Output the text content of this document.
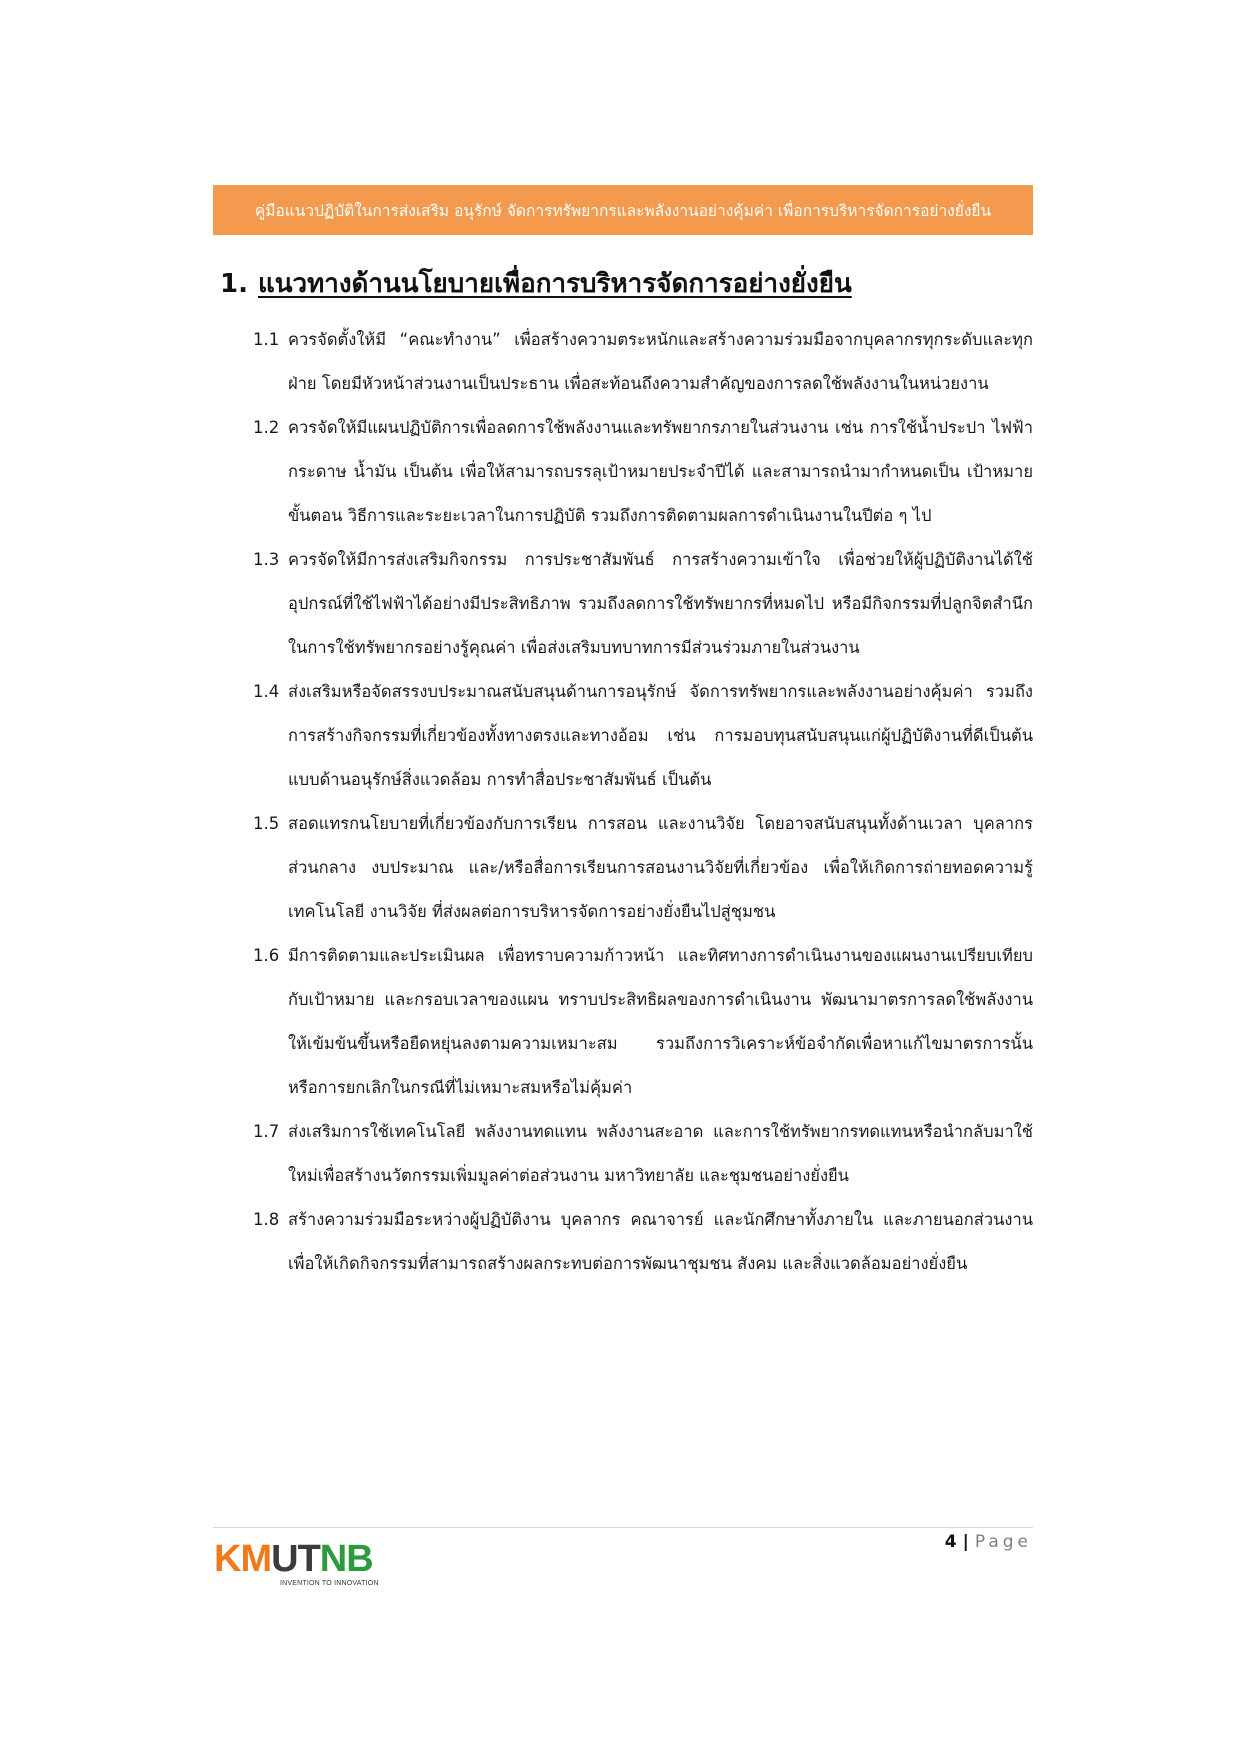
คู่มือแนวปฏิบัติในการส่งเสริม อนุรักษ์ จัดการทรัพยากรและพลังงานอย่างคุ้มค่า เพื่อการบริหารจัดการอย่างยั่งยืน
1. แนวทางด้านนโยบายเพื่อการบริหารจัดการอย่างยั่งยืน
1.1 ควรจัดตั้งให้มี “คณะทำงาน” เพื่อสร้างความตระหนักและสร้างความร่วมมือจากบุคลากรทุกระดับและทุกฝ่าย โดยมีหัวหน้าส่วนงานเป็นประธาน เพื่อสะท้อนถึงความสำคัญของการลดใช้พลังงานในหน่วยงาน
1.2 ควรจัดให้มีแผนปฏิบัติการเพื่อลดการใช้พลังงานและทรัพยากรภายในส่วนงาน เช่น การใช้น้ำประปา ไฟฟ้า กระดาษ น้ำมัน เป็นต้น เพื่อให้สามารถบรรลุเป้าหมายประจำปีได้ และสามารถนำมากำหนดเป็น เป้าหมาย ขั้นตอน วิธีการและระยะเวลาในการปฏิบัติ รวมถึงการติดตามผลการดำเนินงานในปีต่อ ๆ ไป
1.3 ควรจัดให้มีการส่งเสริมกิจกรรม การประชาสัมพันธ์ การสร้างความเข้าใจ เพื่อช่วยให้ผู้ปฏิบัติงานได้ใช้อุปกรณ์ที่ใช้ไฟฟ้าได้อย่างมีประสิทธิภาพ รวมถึงลดการใช้ทรัพยากรที่หมดไป หรือมีกิจกรรมที่ปลูกจิตสำนึกในการใช้ทรัพยากรอย่างรู้คุณค่า เพื่อส่งเสริมบทบาทการมีส่วนร่วมภายในส่วนงาน
1.4 ส่งเสริมหรือจัดสรรงบประมาณสนับสนุนด้านการอนุรักษ์ จัดการทรัพยากรและพลังงานอย่างคุ้มค่า รวมถึงการสร้างกิจกรรมที่เกี่ยวข้องทั้งทางตรงและทางอ้อม เช่น การมอบทุนสนับสนุนแก่ผู้ปฏิบัติงานที่ดีเป็นต้นแบบด้านอนุรักษ์สิ่งแวดล้อม การทำสื่อประชาสัมพันธ์ เป็นต้น
1.5 สอดแทรกนโยบายที่เกี่ยวข้องกับการเรียน การสอน และงานวิจัย โดยอาจสนับสนุนทั้งด้านเวลา บุคลากรส่วนกลาง งบประมาณ และ/หรือสื่อการเรียนการสอนงานวิจัยที่เกี่ยวข้อง เพื่อให้เกิดการถ่ายทอดความรู้ เทคโนโลยี งานวิจัย ที่ส่งผลต่อการบริหารจัดการอย่างยั่งยืนไปสู่ชุมชน
1.6 มีการติดตามและประเมินผล เพื่อทราบความก้าวหน้า และทิศทางการดำเนินงานของแผนงานเปรียบเทียบกับเป้าหมาย และกรอบเวลาของแผน ทราบประสิทธิผลของการดำเนินงาน พัฒนามาตรการลดใช้พลังงานให้เข้มข้นขึ้นหรือยืดหยุ่นลงตามความเหมาะสม รวมถึงการวิเคราะห์ข้อจำกัดเพื่อหาแก้ไขมาตรการนั้น หรือการยกเลิกในกรณีที่ไม่เหมาะสมหรือไม่คุ้มค่า
1.7 ส่งเสริมการใช้เทคโนโลยี พลังงานทดแทน พลังงานสะอาด และการใช้ทรัพยากรทดแทนหรือนำกลับมาใช้ใหม่เพื่อสร้างนวัตกรรมเพิ่มมูลค่าต่อส่วนงาน มหาวิทยาลัย และชุมชนอย่างยั่งยืน
1.8 สร้างความร่วมมือระหว่างผู้ปฏิบัติงาน บุคลากร คณาจารย์ และนักศึกษาทั้งภายใน และภายนอกส่วนงาน เพื่อให้เกิดกิจกรรมที่สามารถสร้างผลกระทบต่อการพัฒนาชุมชน สังคม และสิ่งแวดล้อมอย่างยั่งยืน
KMUTNB
INVENTION TO INNOVATION
4 | Page
